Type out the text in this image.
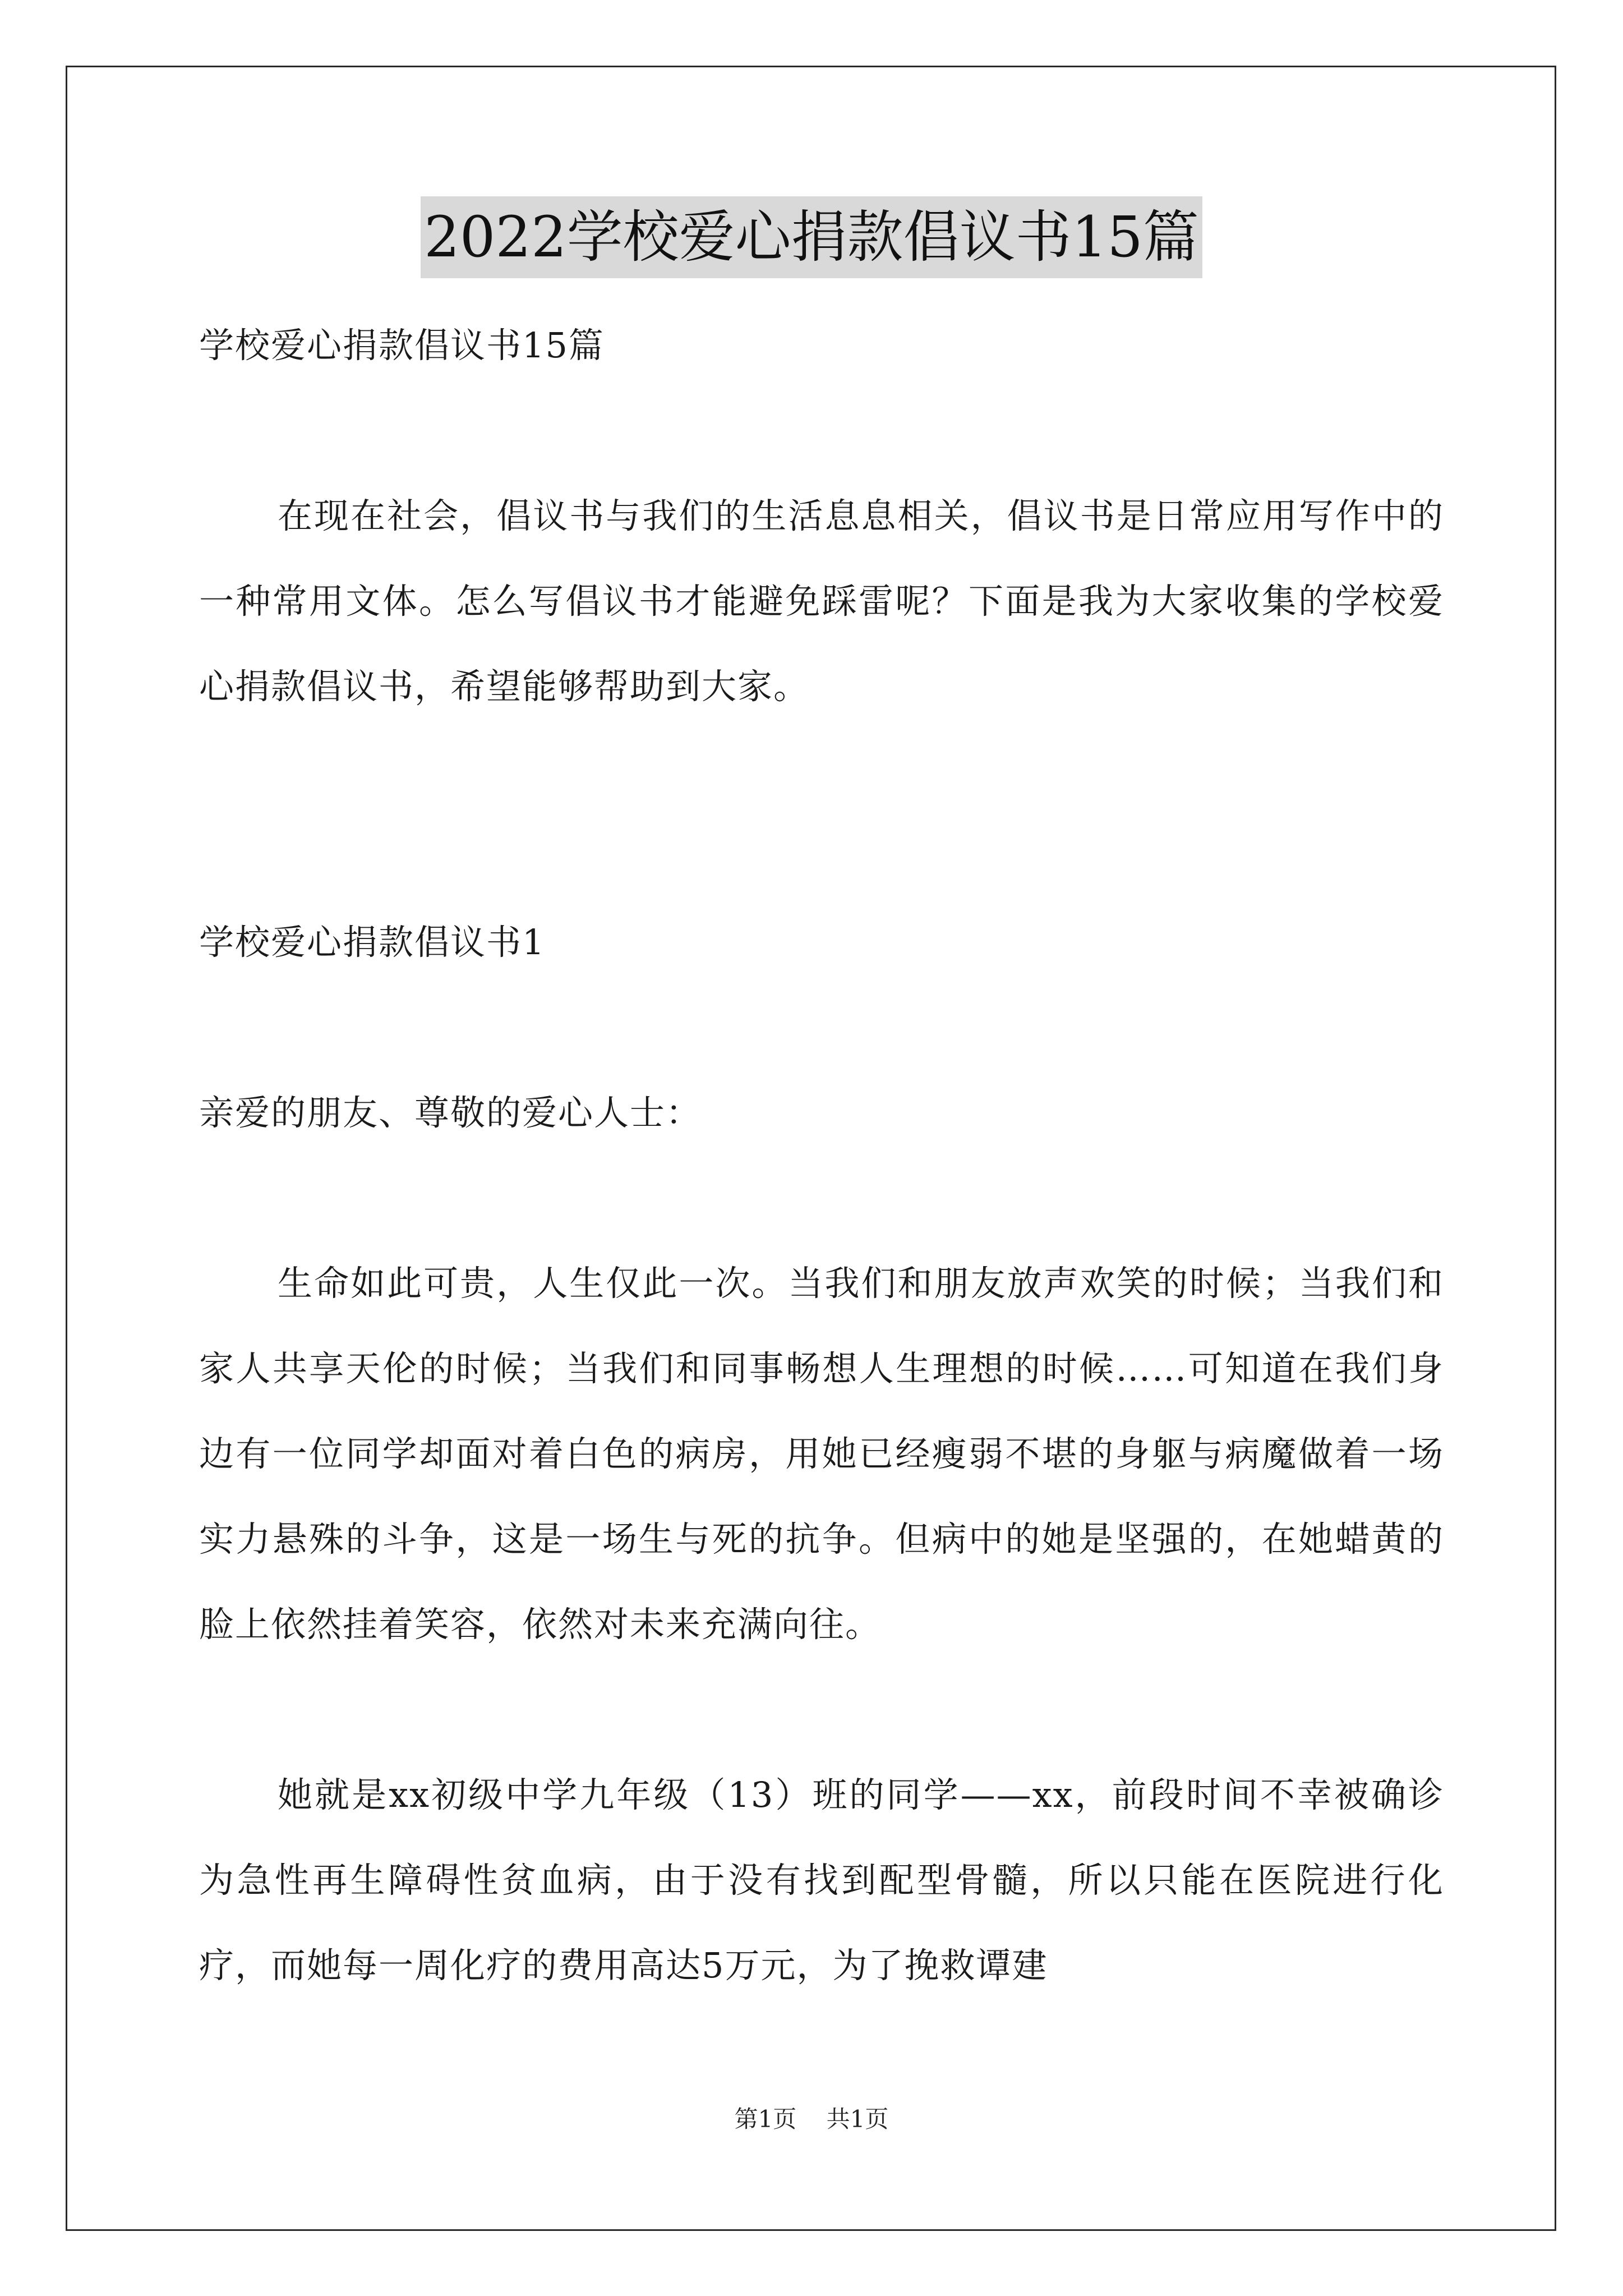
2022学校爱心捐款倡议书15篇

学校爱心捐款倡议书15篇

在现在社会，倡议书与我们的生活息息相关，倡议书是日常应用写作中的一种常用文体。怎么写倡议书才能避免踩雷呢？下面是我为大家收集的学校爱心捐款倡议书，希望能够帮助到大家。

学校爱心捐款倡议书1

亲爱的朋友、尊敬的爱心人士：

生命如此可贵，人生仅此一次。当我们和朋友放声欢笑的时候；当我们和家人共享天伦的时候；当我们和同事畅想人生理想的时候……可知道在我们身边有一位同学却面对着白色的病房，用她已经瘦弱不堪的身躯与病魔做着一场实力悬殊的斗争，这是一场生与死的抗争。但病中的她是坚强的，在她蜡黄的脸上依然挂着笑容，依然对未来充满向往。

她就是xx初级中学九年级（13）班的同学——xx，前段时间不幸被确诊为急性再生障碍性贫血病，由于没有找到配型骨髓，所以只能在医院进行化疗，而她每一周化疗的费用高达5万元，为了挽救谭建

第1页 共1页
